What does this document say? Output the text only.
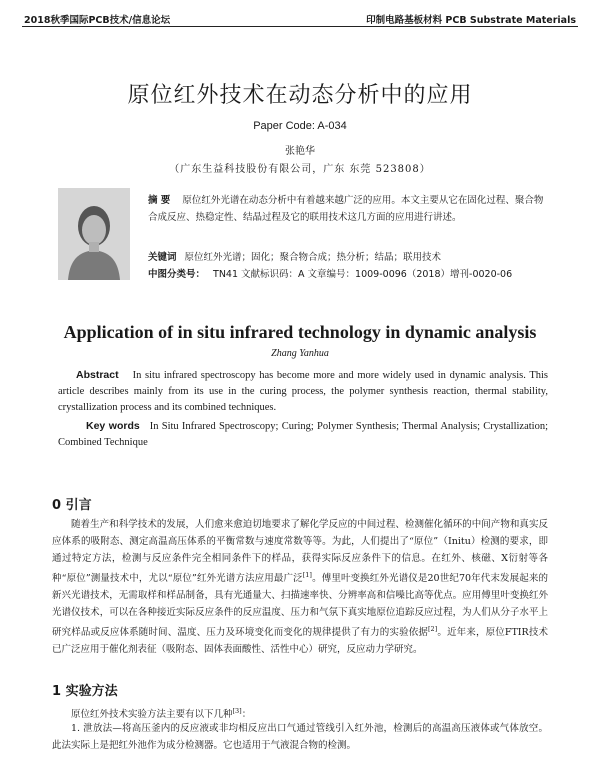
2018秋季国际PCB技术/信息论坛	印制电路基板材料 PCB Substrate Materials
原位红外技术在动态分析中的应用
Paper Code: A-034
张艳华
（广东生益科技股份有限公司，广东 东莞 523808）
摘 要 原位红外光谱在动态分析中有着越来越广泛的应用。本文主要从它在固化过程、聚合物合成反应、热稳定性、结晶过程及它的联用技术这几方面的应用进行讲述。
关键词 原位红外光谱；固化；聚合物合成；热分析；结晶；联用技术
中图分类号： TN41 文献标识码：A 文章编号：1009-0096（2018）增刊-0020-06
Application of in situ infrared technology in dynamic analysis
Zhang Yanhua
Abstract In situ infrared spectroscopy has become more and more widely used in dynamic analysis. This article describes mainly from its use in the curing process, the polymer synthesis reaction, thermal stability, crystallization process and its combined techniques.
Key words In Situ Infrared Spectroscopy; Curing; Polymer Synthesis; Thermal Analysis; Crystallization; Combined Technique
0 引言
随着生产和科学技术的发展，人们愈来愈迫切地要求了解化学反应的中间过程、检测催化循环的中间产物和真实反应体系的吸附态、测定高温高压体系的平衡常数与速度常数等等。为此，人们提出了“原位”（Initu）检测的要求，即通过特定方法，检测与反应条件完全相同条件下的样品，获得实际反应条件下的信息。在红外、核磁、X衍射等各种“原位”测量技术中，尤以“原位”红外光谱方法应用最广泛[1]。傅里叶变换红外光谱仪是20世纪70年代末发展起来的新兴光谱技术，无需取样和样品制备，具有光通量大、扫描速率快、分辨率高和信噪比高等优点。应用傅里叶变换红外光谱仪技术，可以在各种接近实际反应条件的反应温度、压力和气氛下真实地原位追踪反应过程，为人们从分子水平上研究样品或反应体系随时间、温度、压力及环境变化而变化的规律提供了有力的实验依据[2]。近年来，原位FTIR技术已广泛应用于催化剂表征（吸附态、固体表面酸性、活性中心）研究，反应动力学研究。
1 实验方法
原位红外技术实验方法主要有以下几种[3]：
1. 泄放法—将高压釜内的反应液或非均相反应出口气通过管线引入红外池，检测后的高温高压液体或气体放空。此法实际上是把红外池作为成分检测器。它也适用于气液混合物的检测。
